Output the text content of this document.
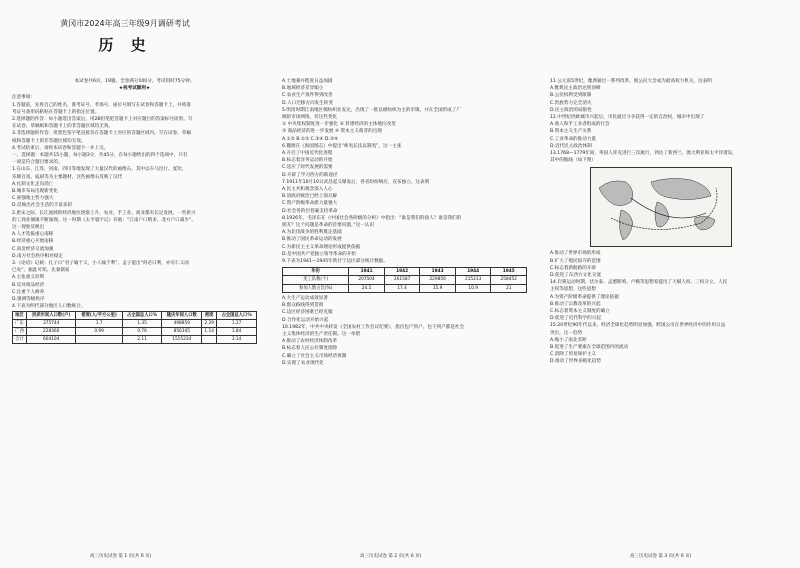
黄冈市2024年高三年级9月调研考试
历 史
本试卷共6页，19题。全卷满分100分。考试用时75分钟。
★祝考试顺利★
注意事项：
1.答题前，先将自己的姓名、准考证号、考场号、座位号填写在试卷和答题卡上，并将准
考证号条形码粘贴在答题卡上的指定位置。
2.选择题的作答：每小题选出答案后，用2B铅笔把答题卡上对应题目的答案标号涂黑。写
在试卷、草稿纸和答题卡上的非答题区域均无效。
3.非选择题的作答：用黑色签字笔直接答在答题卡上对应的答题区域内。写在试卷、草稿
纸和答题卡上的非答题区域均无效。
4.考试结束后，请将本试卷和答题卡一并上交。
一、选择题：本题共15小题，每小题3分，共45分。在每小题给出的四个选项中，只有
一项是符合题目要求的。
1.在山东、江苏、河南、四川等地发现了大量汉代的画像石，其中以车马出行、宴饮、
乐舞百戏、庖厨等为主要题材，这些画像石反映了汉代
A.礼制文化走向消亡
B.城市布局出现新变化
C.豪强地主势力强大
D.反映出社会生活的丰富多彩
2.唐宋之际，长江流域的经济地位逐渐上升，农业、手工业、商业都有长足发展，一些新兴
的工商业城镇不断涌现。这一时期《太平寰宇记》有载：“江南户口稍多，北方户口减少”。
这一现象反映出
A.人才选拔重心南移
B.经济重心开始南移
C.南北经济交流加强
D.南方社会秩序相对稳定
3.《论语》记载：孔子曰“君子喻于义，小人喻于利”。孟子提出“何必曰利，亦有仁义而
已矣”。据此可知，先秦儒家
A.主张重义轻利
B.反对商品经济
C.注重个人修养
D.强调等级秩序
4.下表为明代部分地区人口数统计。
地区	洪武年间人口数(户)	密度(人/平方公里)	占全国总人口%	隆庆年间人口数	密度	占全国总人口%
广东	375744	1.7	1.35	498859	2.29	1.27
广西	228360	0.99	0.76	856345	1.14	1.84
合计	604104		2.11	1515234		3.14
A.土地兼并程度日益加剧
B.地域经济差异缩小
C.农业生产条件得到改善
D.人口迁移方向发生转变
5.明清时期江南地区棉纺织业发达，出现了一批以棉纺织为主的市镇，并在全国形成了广
阔的市场网络，但这些变化
① 中央集权制度进一步强化 ② 封建经济的主体地位改变
③ 商品经济的进一步发展 ④ 资本主义萌芽的出现
A.①② B.①③ C.②④ D.③④
6.魏源在《海国图志》中提出“师夷长技以制夷”，这一主张
A.开启了中国近代化进程
B.标志着洋务运动的开始
C.适应了时代发展的需要
D.开辟了学习西方的新途径
7.1911年10月10日武昌起义爆发后，各省纷纷响应，宣布独立。这表明
A.民主共和观念深入人心
B.清政府统治已经土崩瓦解
C.资产阶级革命派力量强大
D.社会各阶层普遍支持革命
8.1926年，毛泽东在《中国社会各阶级的分析》中指出：“谁是我们的敌人？谁是我们的
朋友？这个问题是革命的首要问题。”这一认识
A.为北伐战争的胜利奠定基础
B.推动了国民革命运动的发展
C.为新民主主义革命理论形成提供依据
D.是中国共产党独立领导革命的开始
9.下表为1941—1945年陕甘宁边区部分统计数据。
年份	1941	1942	1943	1944	1945
变工队数(个)	207504	261587	229856	215213	258452
参加人数占比(%)	24.5	17.4	15.9	10.9	21
A.大生产运动成效显著
B.群众路线得到贯彻
C.边区经济困难已经克服
D.合作化运动开始兴起
10.1982年，中共中央转发《全国农村工作会议纪要》，指出包产到户、包干到户都是社会
主义集体经济的生产责任制。这一举措
A.推动了农村经济体制改革
B.标志着人民公社制度废除
C.确立了社会主义市场经济体制
D.实现了农业现代化
11.公元前5世纪，雅典通过一系列改革，使公民大会成为最高权力机关，这表明
A.雅典民主政治达到顶峰
B.公民权利受到限制
C.贵族势力完全消失
D.民主政治的局限性
12.中世纪西欧城市兴起后，市民通过斗争获得一定的自治权，城市中出现了
A.商人和手工业者组成的行会
B.资本主义生产关系
C.工业革命的推动力量
D.近代民主政治体制
13.1768—1779年间，英国人库克进行三次航行，到达了新西兰、澳大利亚和太平洋诸岛，
其中的航线（如下图）
A.推动了世界市场的形成
B.扩大了殖民掠夺的范围
C.标志着新航路的开辟
D.促进了东西方文化交流
14.启蒙运动时期，伏尔泰、孟德斯鸠、卢梭等思想家提出了天赋人权、三权分立、人民
主权等思想，这些思想
A.为资产阶级革命提供了理论依据
B.推动了宗教改革的兴起
C.标志着资本主义制度的确立
D.促进了近代科学的兴起
15.20世纪90年代以来，经济全球化趋势明显加强，跨国公司在世界经济中的作用日益
突出，这一趋势
A.缩小了南北差距
B.促进了生产要素在全球范围内的流动
C.消除了贸易保护主义
D.推动了世界多极化趋势
高三历史试卷 第 1 页(共 6 页)	高三历史试卷 第 2 页(共 6 页)	高三历史试卷 第 3 页(共 6 页)
